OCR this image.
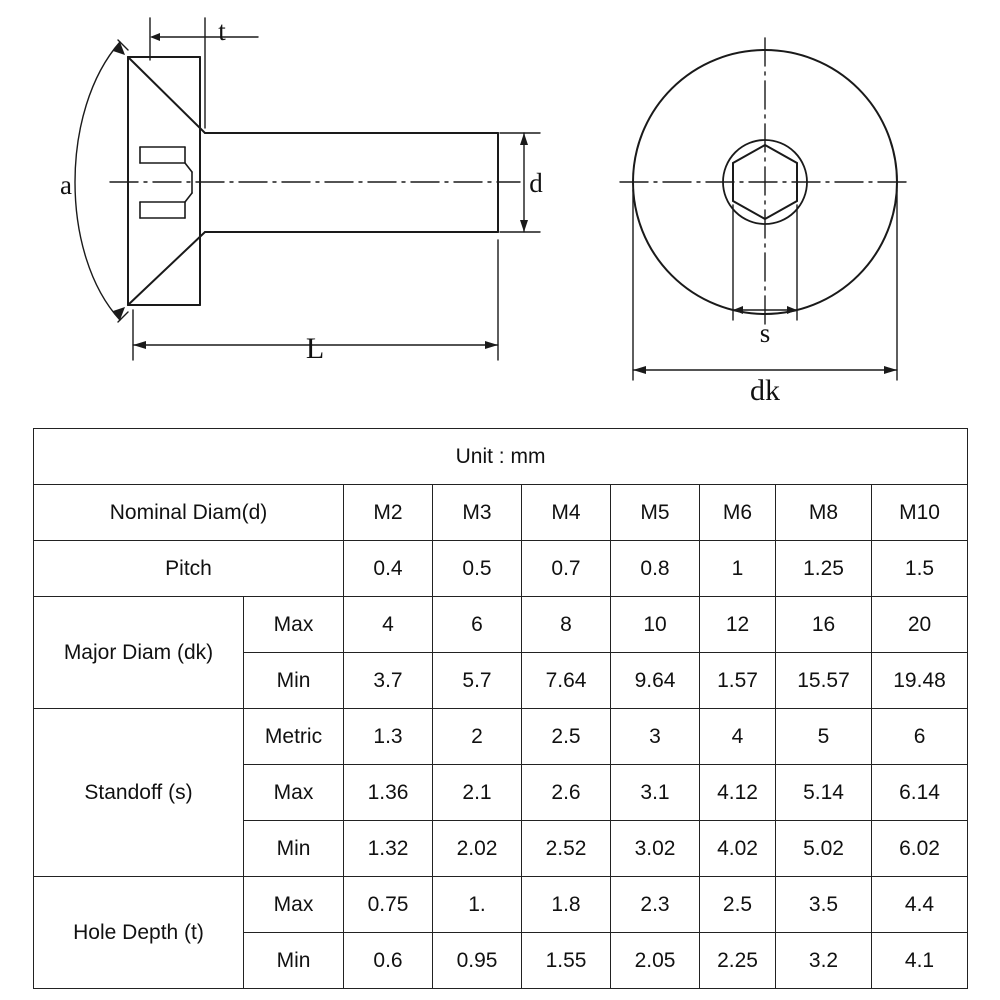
t
a	d
L	s
dk
Unit : mm								
Nominal Diam(d)		M2	M3	M4	M5	M6	M8	M10
Pitch		0.4	0.5	0.7	0.8	1	1.25	1.5
Major Diam (dk)	Max	4	6	8	10	12	16	20
	Min	3.7	5.7	7.64	9.64	1.57	15.57	19.48
Standoff (s)	Metric	1.3	2	2.5	3	4	5	6
	Max	1.36	2.1	2.6	3.1	4.12	5.14	6.14
	Min	1.32	2.02	2.52	3.02	4.02	5.02	6.02
Hole Depth (t)	Max	0.75	1.	1.8	2.3	2.5	3.5	4.4
	Min	0.6	0.95	1.55	2.05	2.25	3.2	4.1
